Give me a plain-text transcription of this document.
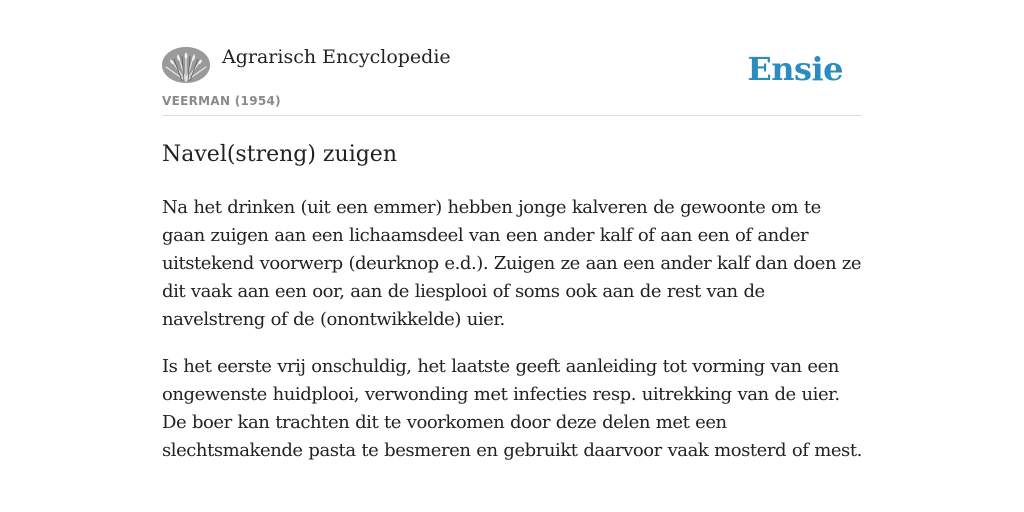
Agrarisch Encyclopedie
VEERMAN (1954)
Ensie
Navel(streng) zuigen

Na het drinken (uit een emmer) hebben jonge kalveren de gewoonte om te gaan zuigen aan een lichaamsdeel van een ander kalf of aan een of ander uitstekend voorwerp (deurknop e.d.). Zuigen ze aan een ander kalf dan doen ze dit vaak aan een oor, aan de liesplooi of soms ook aan de rest van de navelstreng of de (onontwikkelde) uier.

Is het eerste vrij onschuldig, het laatste geeft aanleiding tot vorming van een ongewenste huidplooi, verwonding met infecties resp. uitrekking van de uier. De boer kan trachten dit te voorkomen door deze delen met een slechtsmakende pasta te besmeren en gebruikt daarvoor vaak mosterd of mest.
